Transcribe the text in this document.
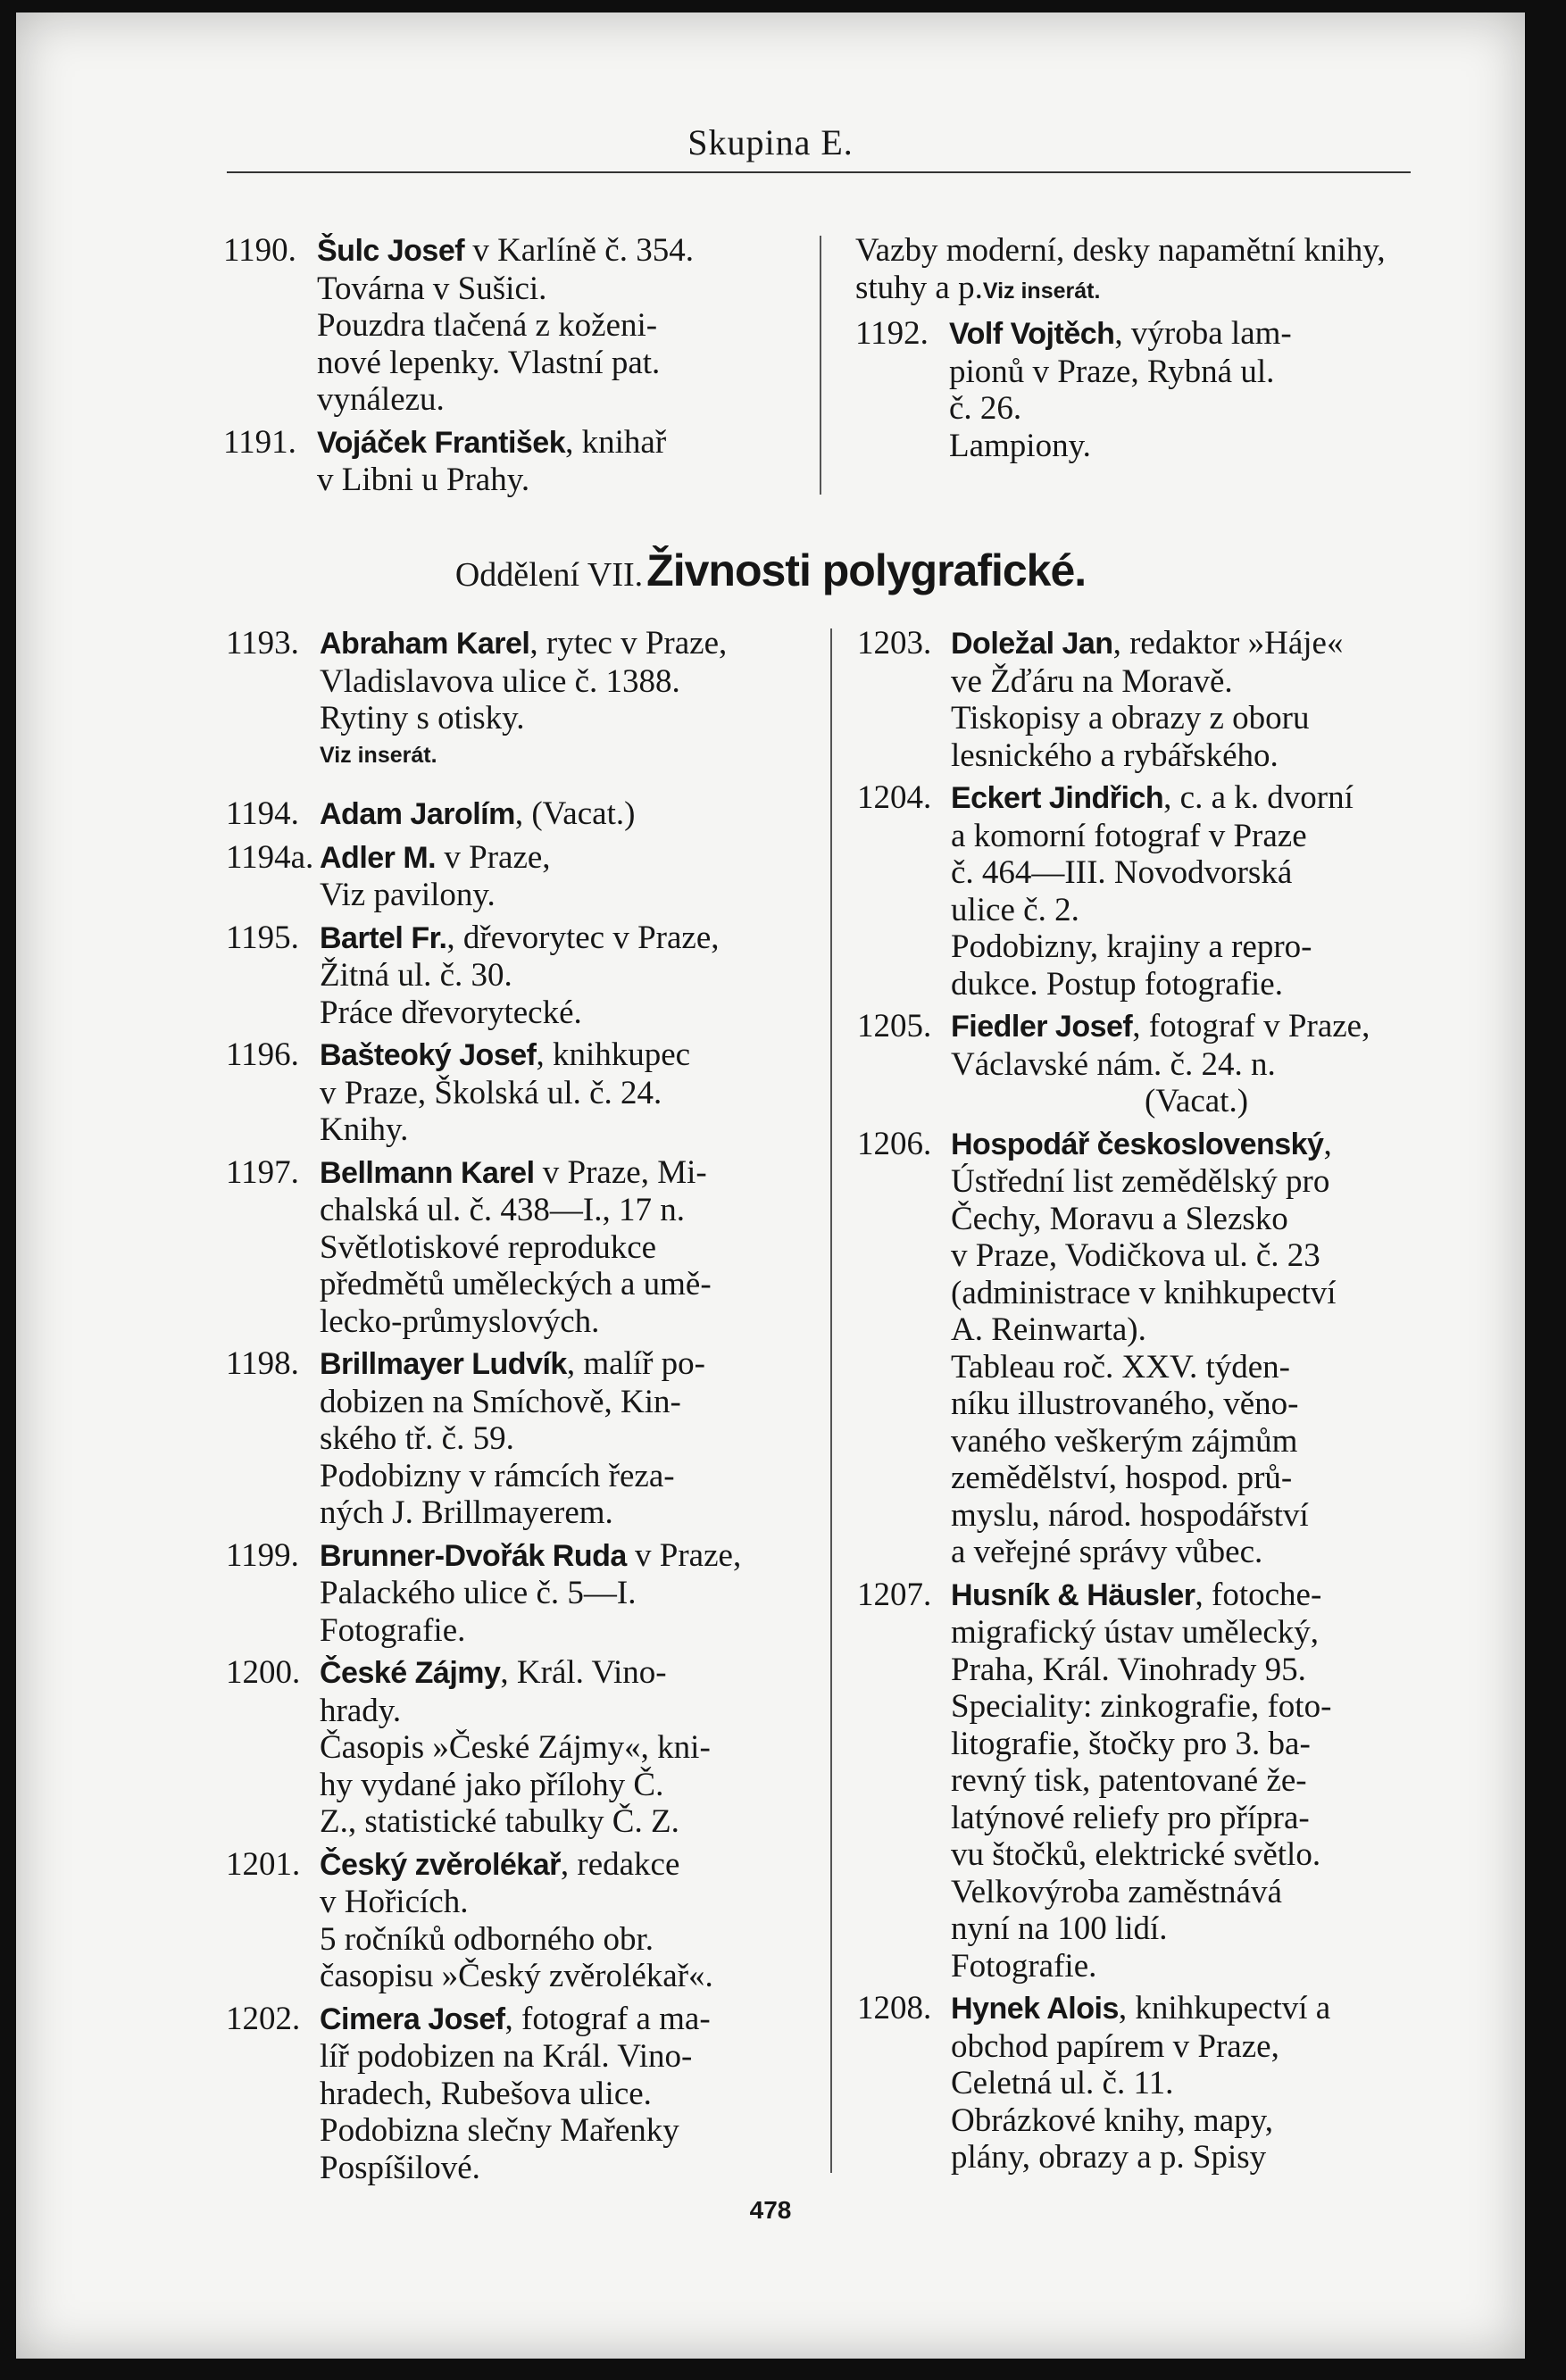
Skupina E.
1190. Šulc Josef v Karlíně č. 354.
Továrna v Sušici.
Pouzdra tlačená z koženi-
nové lepenky. Vlastní pat.
vynálezu.
1191. Vojáček František, knihař
v Libni u Prahy.
Vazby moderní, desky napamětní knihy, stuhy a p.Viz inserát.
1192. Volf Vojtěch, výroba lam-
pionů v Praze, Rybná ul.
č. 26.
Lampiony.
Oddělení VII. Živnosti polygrafické.
1193. Abraham Karel, rytec v Praze,
Vladislavova ulice č. 1388.
Rytiny s otisky.
Viz inserát.
1194. Adam Jarolím, (Vacat.)
1194a. Adler M. v Praze,
Viz pavilony.
1195. Bartel Fr., dřevorytec v Praze,
Žitná ul. č. 30.
Práce dřevorytecké.
1196. Bašteoký Josef, knihkupec
v Praze, Školská ul. č. 24.
Knihy.
1197. Bellmann Karel v Praze, Mi-
chalská ul. č. 438—I., 17 n.
Světlotiskové reprodukce
předmětů uměleckých a umě-
lecko-průmyslových.
1198. Brillmayer Ludvík, malíř po-
dobizen na Smíchově, Kin-
ského tř. č. 59.
Podobizny v rámcích řeza-
ných J. Brillmayerem.
1199. Brunner-Dvořák Ruda v Praze,
Palackého ulice č. 5—I.
Fotografie.
1200. České Zájmy, Král. Vino-
hrady.
Časopis »České Zájmy«, kni-
hy vydané jako přílohy Č.
Z., statistické tabulky Č. Z.
1201. Český zvěrolékař, redakce
v Hořicích.
5 ročníků odborného obr.
časopisu »Český zvěrolékař«.
1202. Cimera Josef, fotograf a ma-
líř podobizen na Král. Vino-
hradech, Rubešova ulice.
Podobizna slečny Mařenky
Pospíšilové.
1203. Doležal Jan, redaktor »Háje«
ve Žďáru na Moravě.
Tiskopisy a obrazy z oboru
lesnického a rybářského.
1204. Eckert Jindřich, c. a k. dvorní
a komorní fotograf v Praze
č. 464—III. Novodvorská
ulice č. 2.
Podobizny, krajiny a repro-
dukce. Postup fotografie.
1205. Fiedler Josef, fotograf v Praze,
Václavské nám. č. 24. n.
(Vacat.)
1206. Hospodář československý,
Ústřední list zemědělský pro
Čechy, Moravu a Slezsko
v Praze, Vodičkova ul. č. 23
(administrace v knihkupectví
A. Reinwarta).
Tableau roč. XXV. týden-
níku illustrovaného, věno-
vaného veškerým zájmům
zemědělství, hospod. prů-
myslu, národ. hospodářství
a veřejné správy vůbec.
1207. Husník & Häusler, fotoche-
migrafický ústav umělecký,
Praha, Král. Vinohrady 95.
Speciality: zinkografie, foto-
litografie, štočky pro 3. ba-
revný tisk, patentované že-
latýnové reliefy pro přípra-
vu štočků, elektrické světlo.
Velkovýroba zaměstnává
nyní na 100 lidí.
Fotografie.
1208. Hynek Alois, knihkupectví a
obchod papírem v Praze,
Celetná ul. č. 11.
Obrázkové knihy, mapy,
plány, obrazy a p. Spisy
478
